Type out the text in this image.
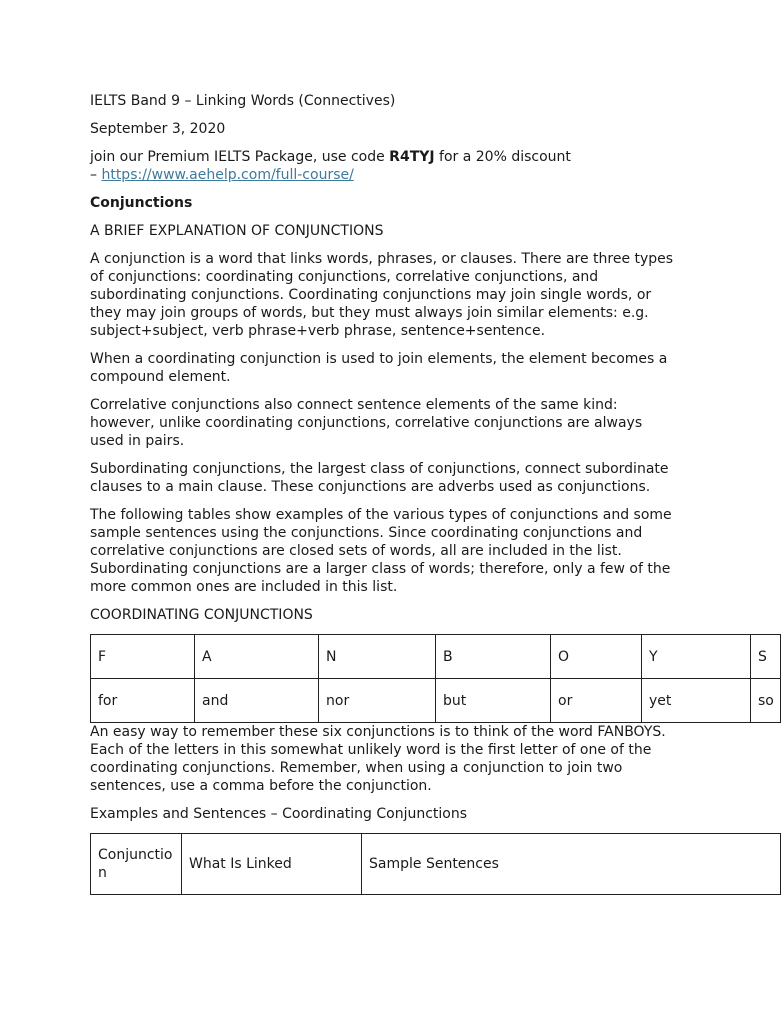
IELTS Band 9 – Linking Words (Connectives)
September 3, 2020

join our Premium IELTS Package, use code R4TYJ for a 20% discount
– https://www.aehelp.com/full-course/

Conjunctions
A BRIEF EXPLANATION OF CONJUNCTIONS

A conjunction is a word that links words, phrases, or clauses. There are three types of conjunctions: coordinating conjunctions, correlative conjunctions, and subordinating conjunctions. Coordinating conjunctions may join single words, or they may join groups of words, but they must always join similar elements: e.g. subject+subject, verb phrase+verb phrase, sentence+sentence.

When a coordinating conjunction is used to join elements, the element becomes a compound element.

Correlative conjunctions also connect sentence elements of the same kind: however, unlike coordinating conjunctions, correlative conjunctions are always used in pairs.

Subordinating conjunctions, the largest class of conjunctions, connect subordinate clauses to a main clause. These conjunctions are adverbs used as conjunctions.

The following tables show examples of the various types of conjunctions and some sample sentences using the conjunctions. Since coordinating conjunctions and correlative conjunctions are closed sets of words, all are included in the list. Subordinating conjunctions are a larger class of words; therefore, only a few of the more common ones are included in this list.

COORDINATING CONJUNCTIONS
F	A	N	B	O	Y	S
for	and	nor	but	or	yet	so

An easy way to remember these six conjunctions is to think of the word FANBOYS. Each of the letters in this somewhat unlikely word is the first letter of one of the coordinating conjunctions. Remember, when using a conjunction to join two sentences, use a comma before the conjunction.

Examples and Sentences – Coordinating Conjunctions
Conjunctio n	What Is Linked	Sample Sentences
